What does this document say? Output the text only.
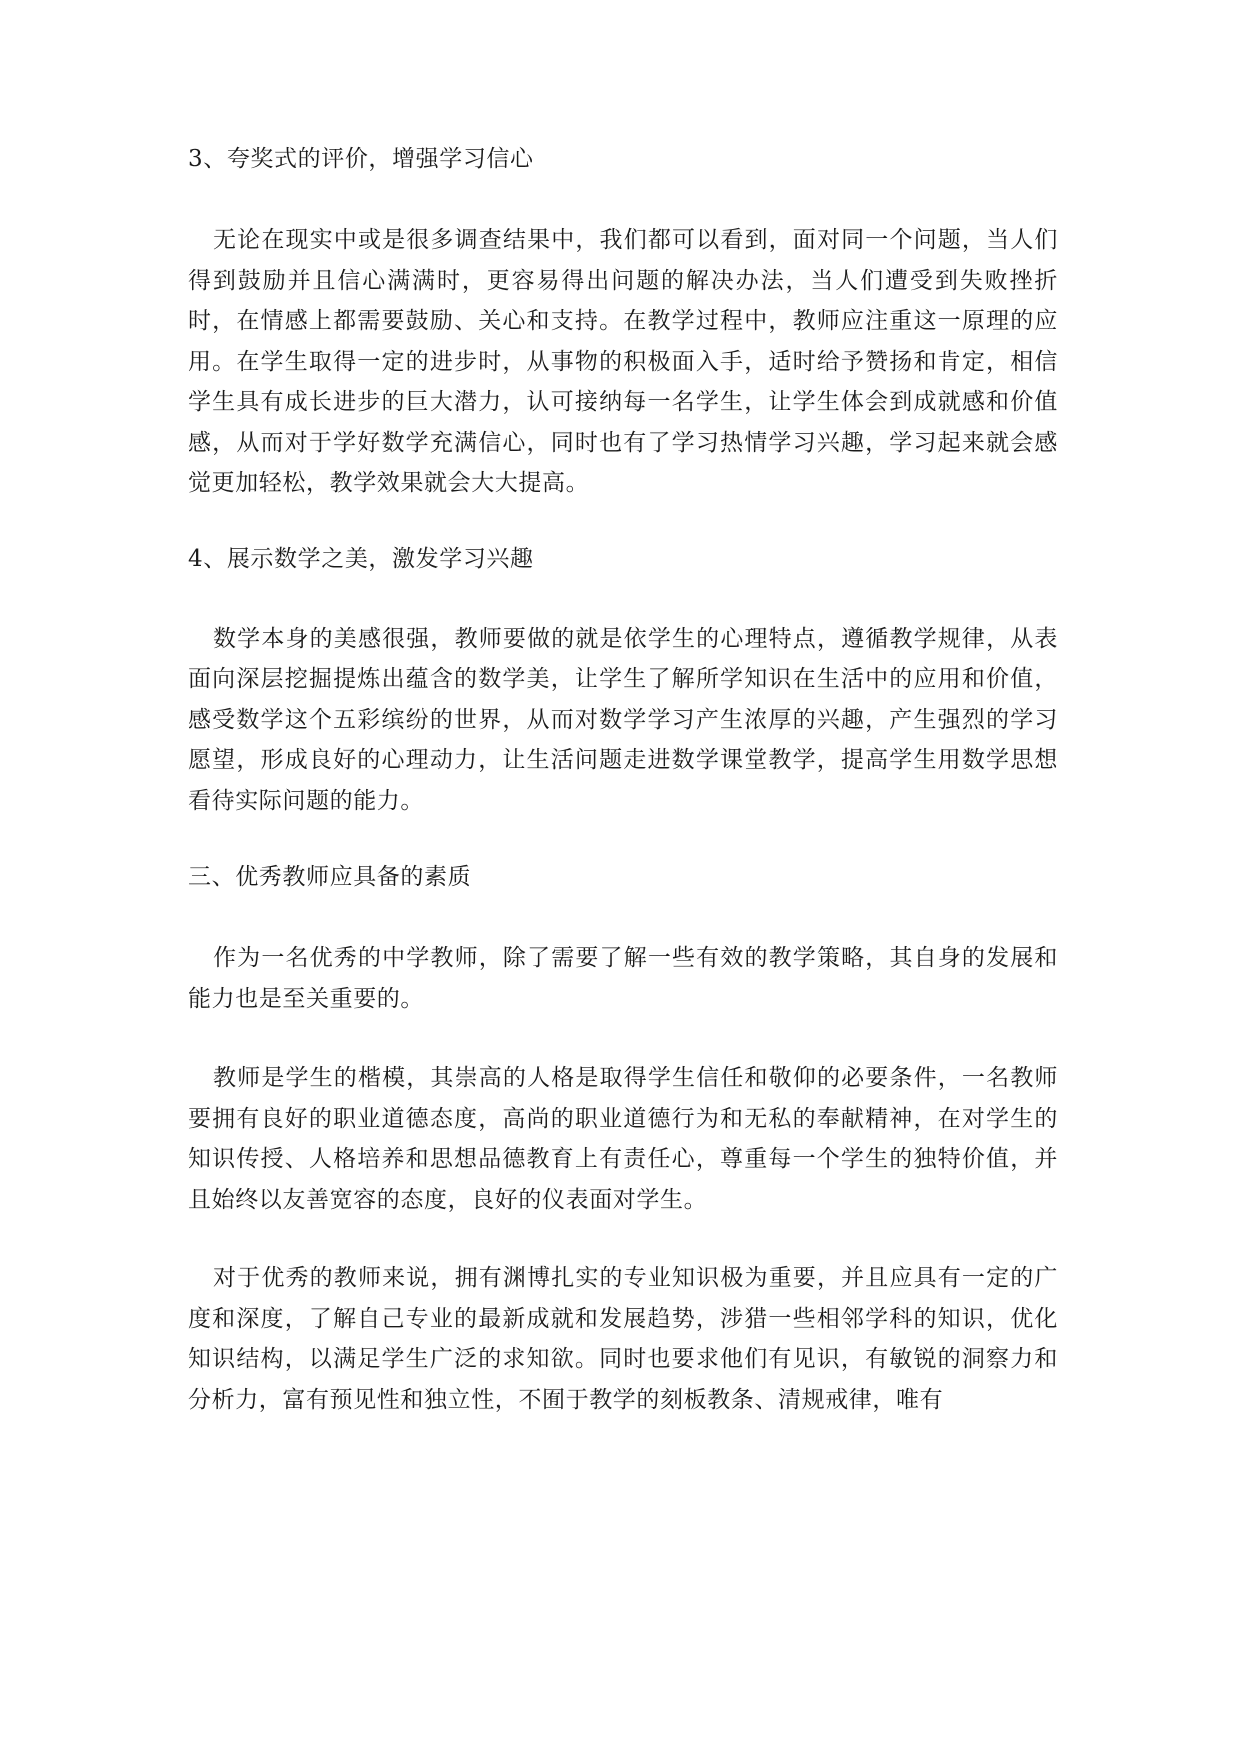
3、夸奖式的评价，增强学习信心

无论在现实中或是很多调查结果中，我们都可以看到，面对同一个问题，当人们得到鼓励并且信心满满时，更容易得出问题的解决办法，当人们遭受到失败挫折时，在情感上都需要鼓励、关心和支持。在教学过程中，教师应注重这一原理的应用。在学生取得一定的进步时，从事物的积极面入手，适时给予赞扬和肯定，相信学生具有成长进步的巨大潜力，认可接纳每一名学生，让学生体会到成就感和价值感，从而对于学好数学充满信心，同时也有了学习热情学习兴趣，学习起来就会感觉更加轻松，教学效果就会大大提高。

4、展示数学之美，激发学习兴趣

数学本身的美感很强，教师要做的就是依学生的心理特点，遵循教学规律，从表面向深层挖掘提炼出蕴含的数学美，让学生了解所学知识在生活中的应用和价值，感受数学这个五彩缤纷的世界，从而对数学学习产生浓厚的兴趣，产生强烈的学习愿望，形成良好的心理动力，让生活问题走进数学课堂教学，提高学生用数学思想看待实际问题的能力。

三、优秀教师应具备的素质

作为一名优秀的中学教师，除了需要了解一些有效的教学策略，其自身的发展和能力也是至关重要的。

教师是学生的楷模，其崇高的人格是取得学生信任和敬仰的必要条件，一名教师要拥有良好的职业道德态度，高尚的职业道德行为和无私的奉献精神，在对学生的知识传授、人格培养和思想品德教育上有责任心，尊重每一个学生的独特价值，并且始终以友善宽容的态度，良好的仪表面对学生。

对于优秀的教师来说，拥有渊博扎实的专业知识极为重要，并且应具有一定的广度和深度，了解自己专业的最新成就和发展趋势，涉猎一些相邻学科的知识，优化知识结构，以满足学生广泛的求知欲。同时也要求他们有见识，有敏锐的洞察力和分析力，富有预见性和独立性，不囿于教学的刻板教条、清规戒律，唯有
